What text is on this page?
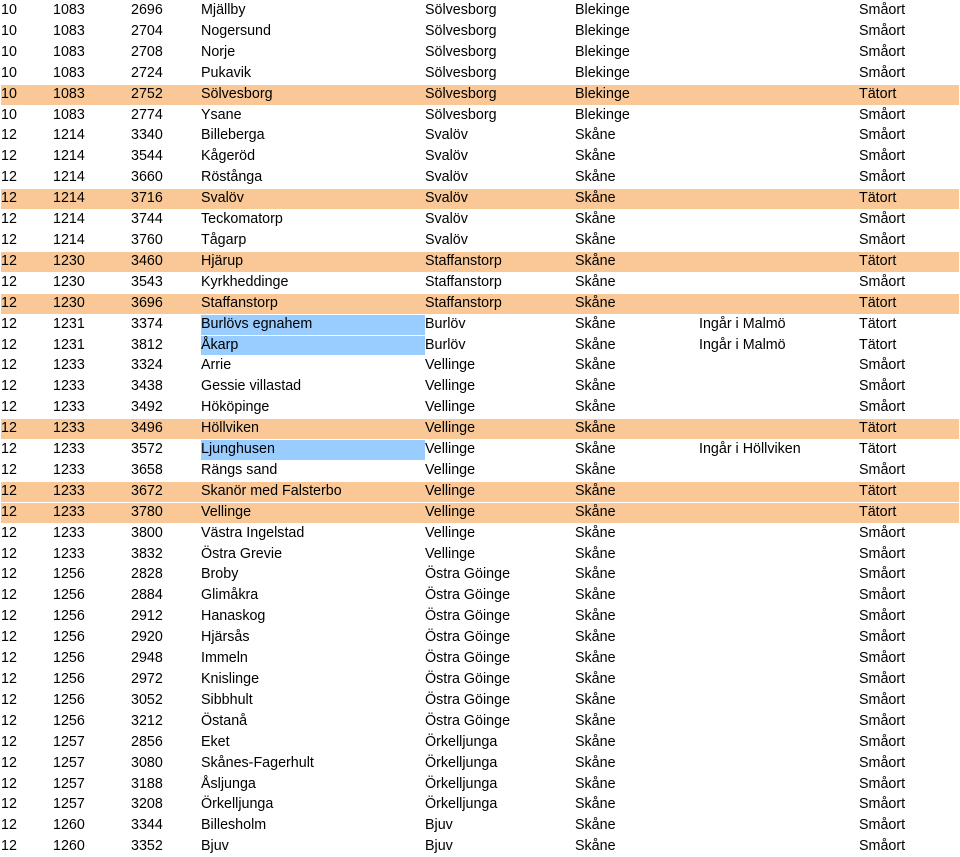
10	1083	2696	Mjällby	Sölvesborg	Blekinge		Småort
10	1083	2704	Nogersund	Sölvesborg	Blekinge		Småort
10	1083	2708	Norje	Sölvesborg	Blekinge		Småort
10	1083	2724	Pukavik	Sölvesborg	Blekinge		Småort
10	1083	2752	Sölvesborg	Sölvesborg	Blekinge		Tätort
10	1083	2774	Ysane	Sölvesborg	Blekinge		Småort
12	1214	3340	Billeberga	Svalöv	Skåne		Småort
12	1214	3544	Kågeröd	Svalöv	Skåne		Småort
12	1214	3660	Röstånga	Svalöv	Skåne		Småort
12	1214	3716	Svalöv	Svalöv	Skåne		Tätort
12	1214	3744	Teckomatorp	Svalöv	Skåne		Småort
12	1214	3760	Tågarp	Svalöv	Skåne		Småort
12	1230	3460	Hjärup	Staffanstorp	Skåne		Tätort
12	1230	3543	Kyrkheddinge	Staffanstorp	Skåne		Småort
12	1230	3696	Staffanstorp	Staffanstorp	Skåne		Tätort
12	1231	3374	Burlövs egnahem	Burlöv	Skåne	Ingår i Malmö	Tätort
12	1231	3812	Åkarp	Burlöv	Skåne	Ingår i Malmö	Tätort
12	1233	3324	Arrie	Vellinge	Skåne		Småort
12	1233	3438	Gessie villastad	Vellinge	Skåne		Småort
12	1233	3492	Hököpinge	Vellinge	Skåne		Småort
12	1233	3496	Höllviken	Vellinge	Skåne		Tätort
12	1233	3572	Ljunghusen	Vellinge	Skåne	Ingår i Höllviken	Tätort
12	1233	3658	Rängs sand	Vellinge	Skåne		Småort
12	1233	3672	Skanör med Falsterbo	Vellinge	Skåne		Tätort
12	1233	3780	Vellinge	Vellinge	Skåne		Tätort
12	1233	3800	Västra Ingelstad	Vellinge	Skåne		Småort
12	1233	3832	Östra Grevie	Vellinge	Skåne		Småort
12	1256	2828	Broby	Östra Göinge	Skåne		Småort
12	1256	2884	Glimåkra	Östra Göinge	Skåne		Småort
12	1256	2912	Hanaskog	Östra Göinge	Skåne		Småort
12	1256	2920	Hjärsås	Östra Göinge	Skåne		Småort
12	1256	2948	Immeln	Östra Göinge	Skåne		Småort
12	1256	2972	Knislinge	Östra Göinge	Skåne		Småort
12	1256	3052	Sibbhult	Östra Göinge	Skåne		Småort
12	1256	3212	Östanå	Östra Göinge	Skåne		Småort
12	1257	2856	Eket	Örkelljunga	Skåne		Småort
12	1257	3080	Skånes-Fagerhult	Örkelljunga	Skåne		Småort
12	1257	3188	Åsljunga	Örkelljunga	Skåne		Småort
12	1257	3208	Örkelljunga	Örkelljunga	Skåne		Småort
12	1260	3344	Billesholm	Bjuv	Skåne		Småort
12	1260	3352	Bjuv	Bjuv	Skåne		Småort
